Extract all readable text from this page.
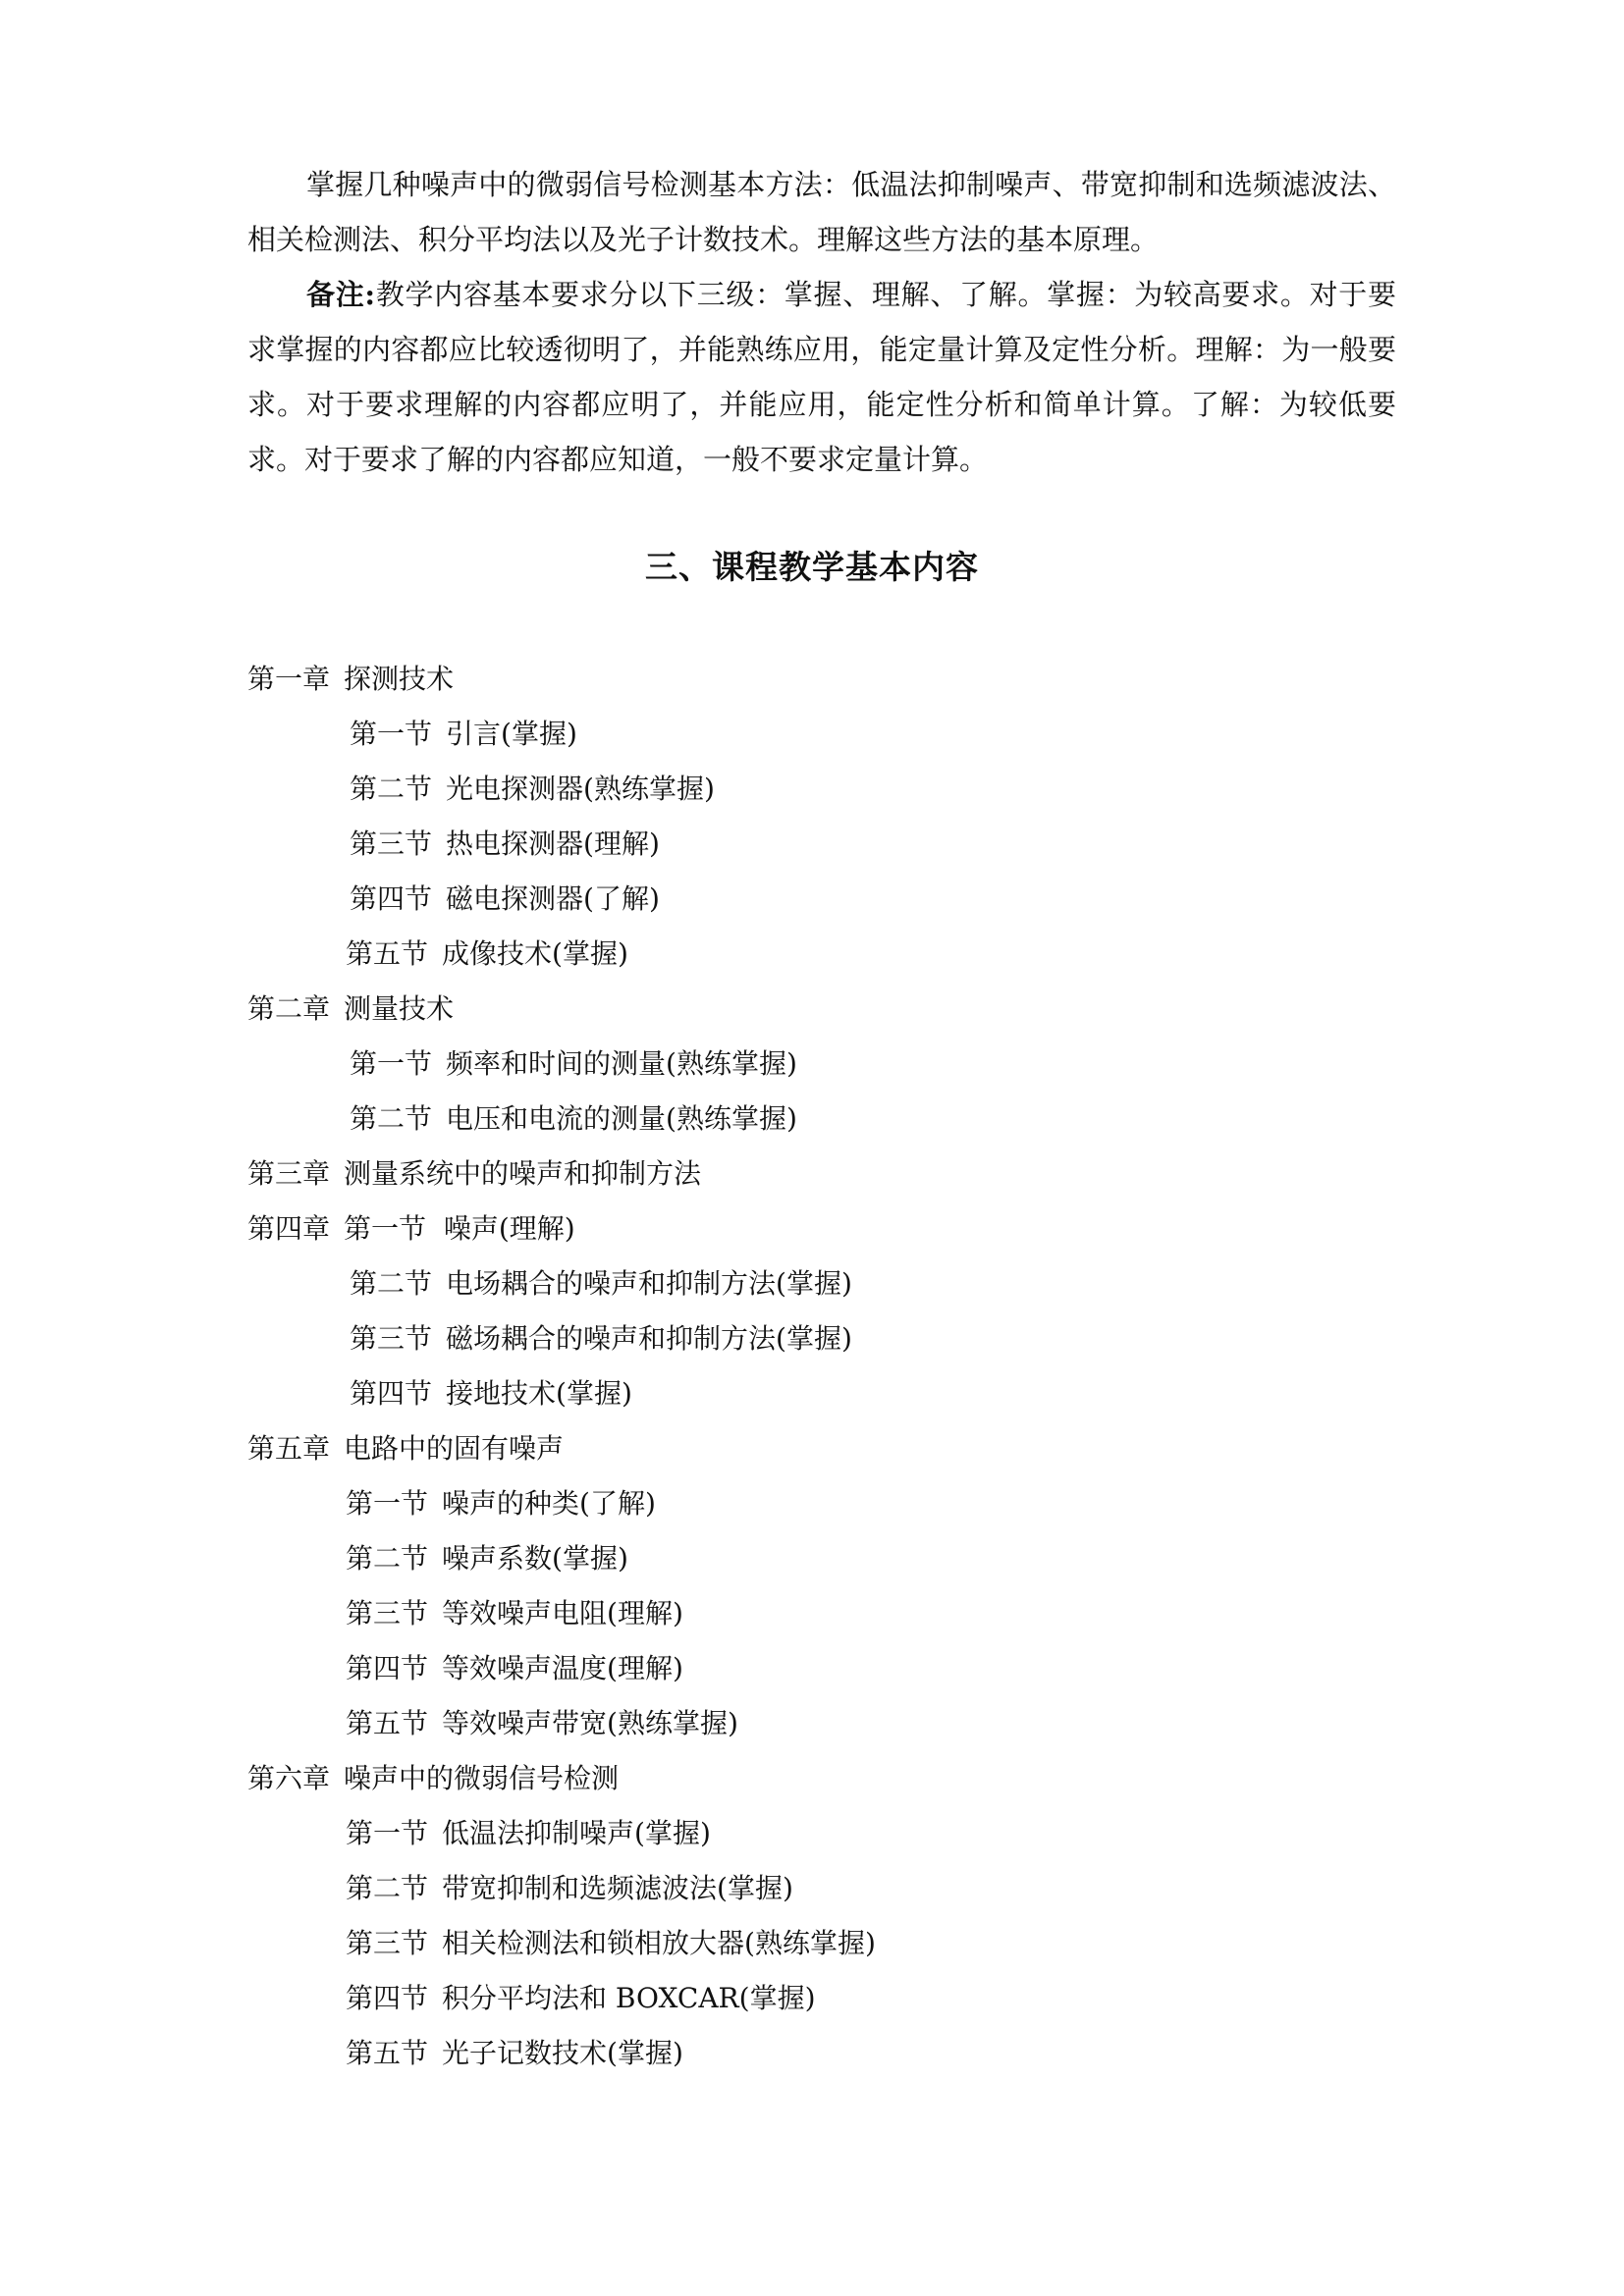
掌握几种噪声中的微弱信号检测基本方法：低温法抑制噪声、带宽抑制和选频滤波法、相关检测法、积分平均法以及光子计数技术。理解这些方法的基本原理。

备注:教学内容基本要求分以下三级：掌握、理解、了解。掌握：为较高要求。对于要求掌握的内容都应比较透彻明了，并能熟练应用，能定量计算及定性分析。理解：为一般要求。对于要求理解的内容都应明了，并能应用，能定性分析和简单计算。了解：为较低要求。对于要求了解的内容都应知道，一般不要求定量计算。

三、课程教学基本内容
第一章 探测技术
第一节 引言(掌握)
第二节 光电探测器(熟练掌握)
第三节 热电探测器(理解)
第四节 磁电探测器(了解)
第五节 成像技术(掌握)
第二章 测量技术
第一节 频率和时间的测量(熟练掌握)
第二节 电压和电流的测量(熟练掌握)
第三章 测量系统中的噪声和抑制方法
第四章 第一节  噪声(理解)
第二节 电场耦合的噪声和抑制方法(掌握)
第三节 磁场耦合的噪声和抑制方法(掌握)
第四节 接地技术(掌握)
第五章 电路中的固有噪声
第一节 噪声的种类(了解)
第二节 噪声系数(掌握)
第三节 等效噪声电阻(理解)
第四节 等效噪声温度(理解)
第五节 等效噪声带宽(熟练掌握)
第六章 噪声中的微弱信号检测
第一节 低温法抑制噪声(掌握)
第二节 带宽抑制和选频滤波法(掌握)
第三节 相关检测法和锁相放大器(熟练掌握)
第四节 积分平均法和 BOXCAR(掌握)
第五节 光子记数技术(掌握)
